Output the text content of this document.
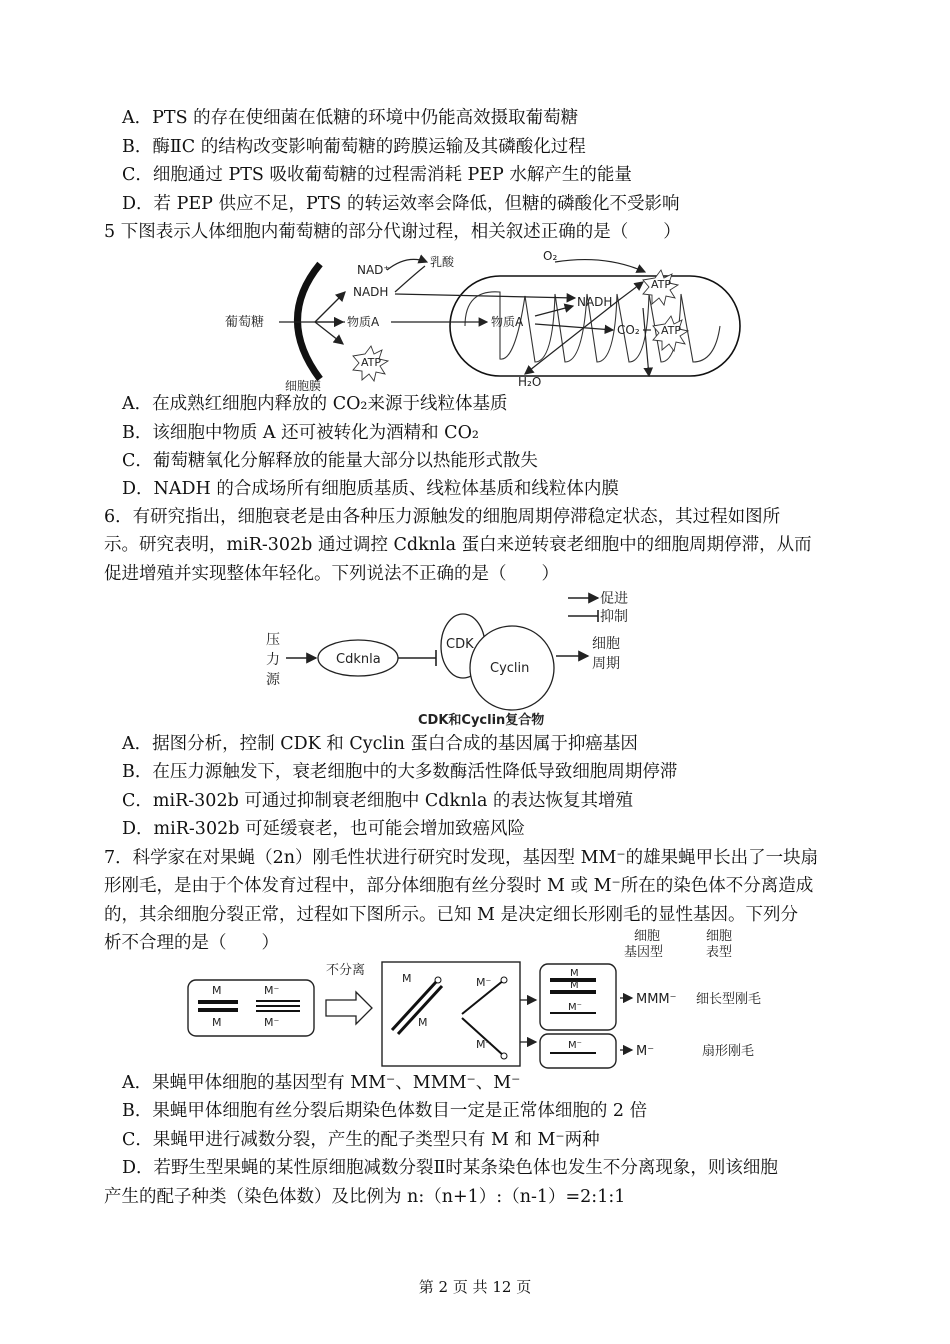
A．PTS 的存在使细菌在低糖的环境中仍能高效摄取葡萄糖
B．酶ⅡC 的结构改变影响葡萄糖的跨膜运输及其磷酸化过程
C．细胞通过 PTS 吸收葡萄糖的过程需消耗 PEP 水解产生的能量
D．若 PEP 供应不足，PTS 的转运效率会降低，但糖的磷酸化不受影响
5 下图表示人体细胞内葡萄糖的部分代谢过程，相关叙述正确的是（　　）
葡萄糖
细胞膜
NAD⁺
乳酸
NADH
物质A
ATP
物质A
NADH
O₂
ATP
CO₂ ATP
H₂O
A．在成熟红细胞内释放的 CO₂来源于线粒体基质
B．该细胞中物质 A 还可被转化为酒精和 CO₂
C．葡萄糖氧化分解释放的能量大部分以热能形式散失
D．NADH 的合成场所有细胞质基质、线粒体基质和线粒体内膜
6．有研究指出，细胞衰老是由各种压力源触发的细胞周期停滞稳定状态，其过程如图所
示。研究表明，miR-302b 通过调控 Cdknla 蛋白来逆转衰老细胞中的细胞周期停滞，从而
促进增殖并实现整体年轻化。下列说法不正确的是（　　）
促进
抑制
压
力
源
Cdknla
CDK
Cyclin
细胞
周期
CDK和Cyclin复合物
A．据图分析，控制 CDK 和 Cyclin 蛋白合成的基因属于抑癌基因
B．在压力源触发下，衰老细胞中的大多数酶活性降低导致细胞周期停滞
C．miR-302b 可通过抑制衰老细胞中 Cdknla 的表达恢复其增殖
D．miR-302b 可延缓衰老，也可能会增加致癌风险
7．科学家在对果蝇（2n）刚毛性状进行研究时发现，基因型 MM⁻的雄果蝇甲长出了一块扇
形刚毛，是由于个体发育过程中，部分体细胞有丝分裂时 M 或 M⁻所在的染色体不分离造成
的，其余细胞分裂正常，过程如下图所示。已知 M 是决定细长形刚毛的显性基因。下列分
析不合理的是（　　）	细胞
基因型
细胞
表型
M
M
M⁻
M⁻
不分离
M
M
M⁻
M⁻
M
M
M⁻
MMM⁻ 细长型刚毛
M⁻	M⁻	扇形刚毛
A．果蝇甲体细胞的基因型有 MM⁻、MMM⁻、M⁻
B．果蝇甲体细胞有丝分裂后期染色体数目一定是正常体细胞的 2 倍
C．果蝇甲进行减数分裂，产生的配子类型只有 M 和 M⁻两种
D．若野生型果蝇的某性原细胞减数分裂Ⅱ时某条染色体也发生不分离现象，则该细胞
产生的配子种类（染色体数）及比例为 n:（n+1）:（n-1）=2:1:1
第 2 页 共 12 页
